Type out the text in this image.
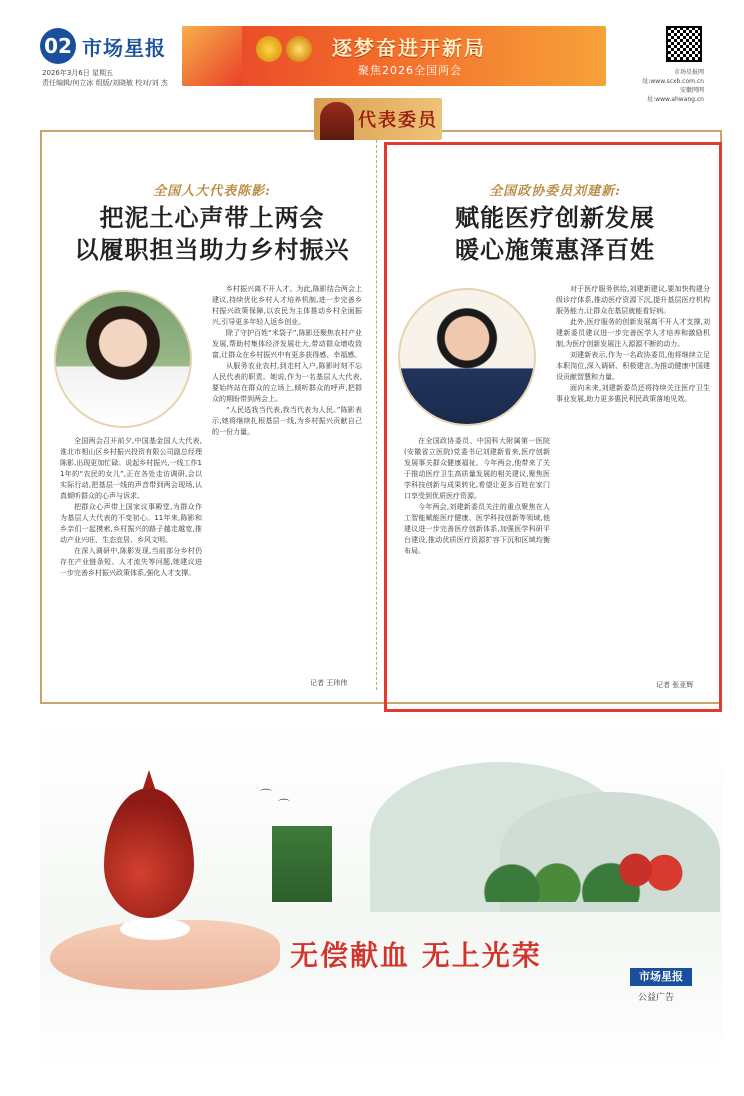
02 市场星报
2026年3月6日 星期五
责任编辑/何立冰 组版/刘晓敏 校对/刘 杰
逐梦奋进开新局
聚焦2026全国两会	市场星报网址:www.scxb.com.cn
安徽网网址:www.ahwang.cn
代表委员
全国人大代表陈影:
把泥土心声带上两会
以履职担当助力乡村振兴

全国两会召开前夕,中国基金国人大代表,淮北市相山区乡村振兴投资有限公司副总经理陈影,出现更加忙碌。说起乡村振兴,一线工作11年的“农民的女儿”,正在各处走访调研,会以实际行动,把基层一线的声音带到两会现场,认真倾听群众的心声与诉求。

把群众心声带上国家议事殿堂,为群众作为基层人大代表的不变初心。11年来,陈影和乡亲们一起摸索,乡村振兴的路子越走越宽,推动产业兴旺、生态宜居、乡风文明。

在深入调研中,陈影发现,当前部分乡村仍存在产业链条短、人才流失等问题,她建议进一步完善乡村振兴政策体系,强化人才支撑。

乡村振兴离不开人才。为此,陈影结合两会上建议,持续优化乡村人才培养机制,进一步完善乡村振兴政策保障,以农民为主体推动乡村全面振兴,引导更多年轻人返乡创业。

除了守护百姓“米袋子”,陈影还聚焦农村产业发展,帮助村集体经济发展壮大,带动群众增收致富,让群众在乡村振兴中有更多获得感、幸福感。

从服务农业农村,到走村入户,陈影时刻不忘人民代表的职责。她说,作为一名基层人大代表,要始终站在群众的立场上,倾听群众的呼声,把群众的期盼带到两会上。

“人民选我当代表,我当代表为人民。”陈影表示,她将继续扎根基层一线,为乡村振兴贡献自己的一份力量。

记者 王玮伟
全国政协委员刘建新:
赋能医疗创新发展
暖心施策惠泽百姓

在全国政协委员、中国科大附属第一医院(安徽省立医院)党委书记刘建新看来,医疗创新发展事关群众健康福祉。今年两会,他带来了关于推动医疗卫生高质量发展的相关建议,聚焦医学科技创新与成果转化,希望让更多百姓在家门口享受到优质医疗资源。

今年两会,刘建新委员关注的重点聚焦在人工智能赋能医疗健康、医学科技创新等领域,他建议进一步完善医疗创新体系,加强医学科研平台建设,推动优质医疗资源扩容下沉和区域均衡布局。

对于医疗服务供给,刘建新建议,要加快构建分级诊疗体系,推动医疗资源下沉,提升基层医疗机构服务能力,让群众在基层就能看好病。

此外,医疗服务的创新发展离不开人才支撑,刘建新委员建议进一步完善医学人才培养和激励机制,为医疗创新发展注入源源不断的动力。

刘建新表示,作为一名政协委员,他将继续立足本职岗位,深入调研、积极建言,为推动健康中国建设贡献智慧和力量。

面向未来,刘建新委员还将持续关注医疗卫生事业发展,助力更多惠民利民政策落地见效。

记者 张亚辉
⌒
⌒
无偿献血 无上光荣
市场星报
公益广告
